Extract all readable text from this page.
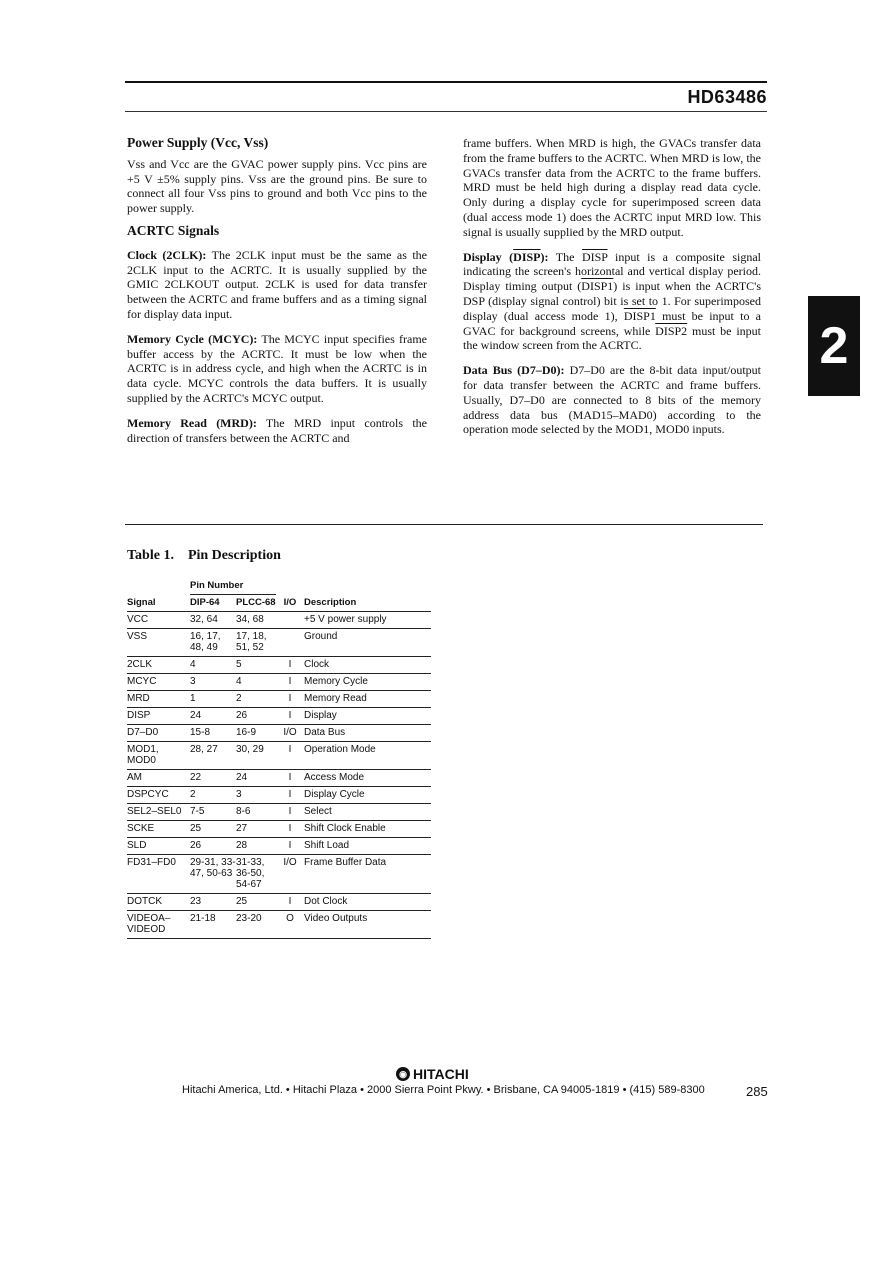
HD63486
Power Supply (Vcc, Vss)

Vss and Vcc are the GVAC power supply pins. Vcc pins are +5 V ±5% supply pins. Vss are the ground pins. Be sure to connect all four Vss pins to ground and both Vcc pins to the power supply.

ACRTC Signals

Clock (2CLK): The 2CLK input must be the same as the 2CLK input to the ACRTC. It is usually supplied by the GMIC 2CLKOUT output. 2CLK is used for data transfer between the ACRTC and frame buffers and as a timing signal for display data input.

Memory Cycle (MCYC): The MCYC input specifies frame buffer access by the ACRTC. It must be low when the ACRTC is in address cycle, and high when the ACRTC is in data cycle. MCYC controls the data buffers. It is usually supplied by the ACRTC's MCYC output.

Memory Read (MRD): The MRD input controls the direction of transfers between the ACRTC and

frame buffers. When MRD is high, the GVACs transfer data from the frame buffers to the ACRTC. When MRD is low, the GVACs transfer data from the ACRTC to the frame buffers. MRD must be held high during a display read data cycle. Only during a display cycle for superimposed screen data (dual access mode 1) does the ACRTC input MRD low. This signal is usually supplied by the MRD output.

Display (DISP): The DISP input is a composite signal indicating the screen's horizontal and vertical display period. Display timing output (DISP1) is input when the ACRTC's DSP (display signal control) bit is set to 1. For superimposed display (dual access mode 1), DISP1 must be input to a GVAC for background screens, while DISP2 must be input the window screen from the ACRTC.

Data Bus (D7–D0): D7–D0 are the 8-bit data input/output for data transfer between the ACRTC and frame buffers. Usually, D7–D0 are connected to 8 bits of the memory address data bus (MAD15–MAD0) according to the operation mode selected by the MOD1, MOD0 inputs.

2
Table 1. Pin Description
	Pin Number			
Signal	DIP-64	PLCC-68	I/O	Description
VCC	32, 64	34, 68		+5 V power supply
VSS	16, 17, 48, 49	17, 18, 51, 52		Ground
2CLK	4	5	I	Clock
MCYC	3	4	I	Memory Cycle
MRD	1	2	I	Memory Read
DISP	24	26	I	Display
D7–D0	15-8	16-9	I/O	Data Bus
MOD1, MOD0	28, 27	30, 29	I	Operation Mode
AM	22	24	I	Access Mode
DSPCYC	2	3	I	Display Cycle
SEL2–SEL0	7-5	8-6	I	Select
SCKE	25	27	I	Shift Clock Enable
SLD	26	28	I	Shift Load
FD31–FD0	29-31, 33-47, 50-63	31-33, 36-50, 54-67	I/O	Frame Buffer Data
DOTCK	23	25	I	Dot Clock
VIDEOA–VIDEOD	21-18	23-20	O	Video Outputs
◉ HITACHI
Hitachi America, Ltd. • Hitachi Plaza • 2000 Sierra Point Pkwy. • Brisbane, CA 94005-1819 • (415) 589-8300	285
